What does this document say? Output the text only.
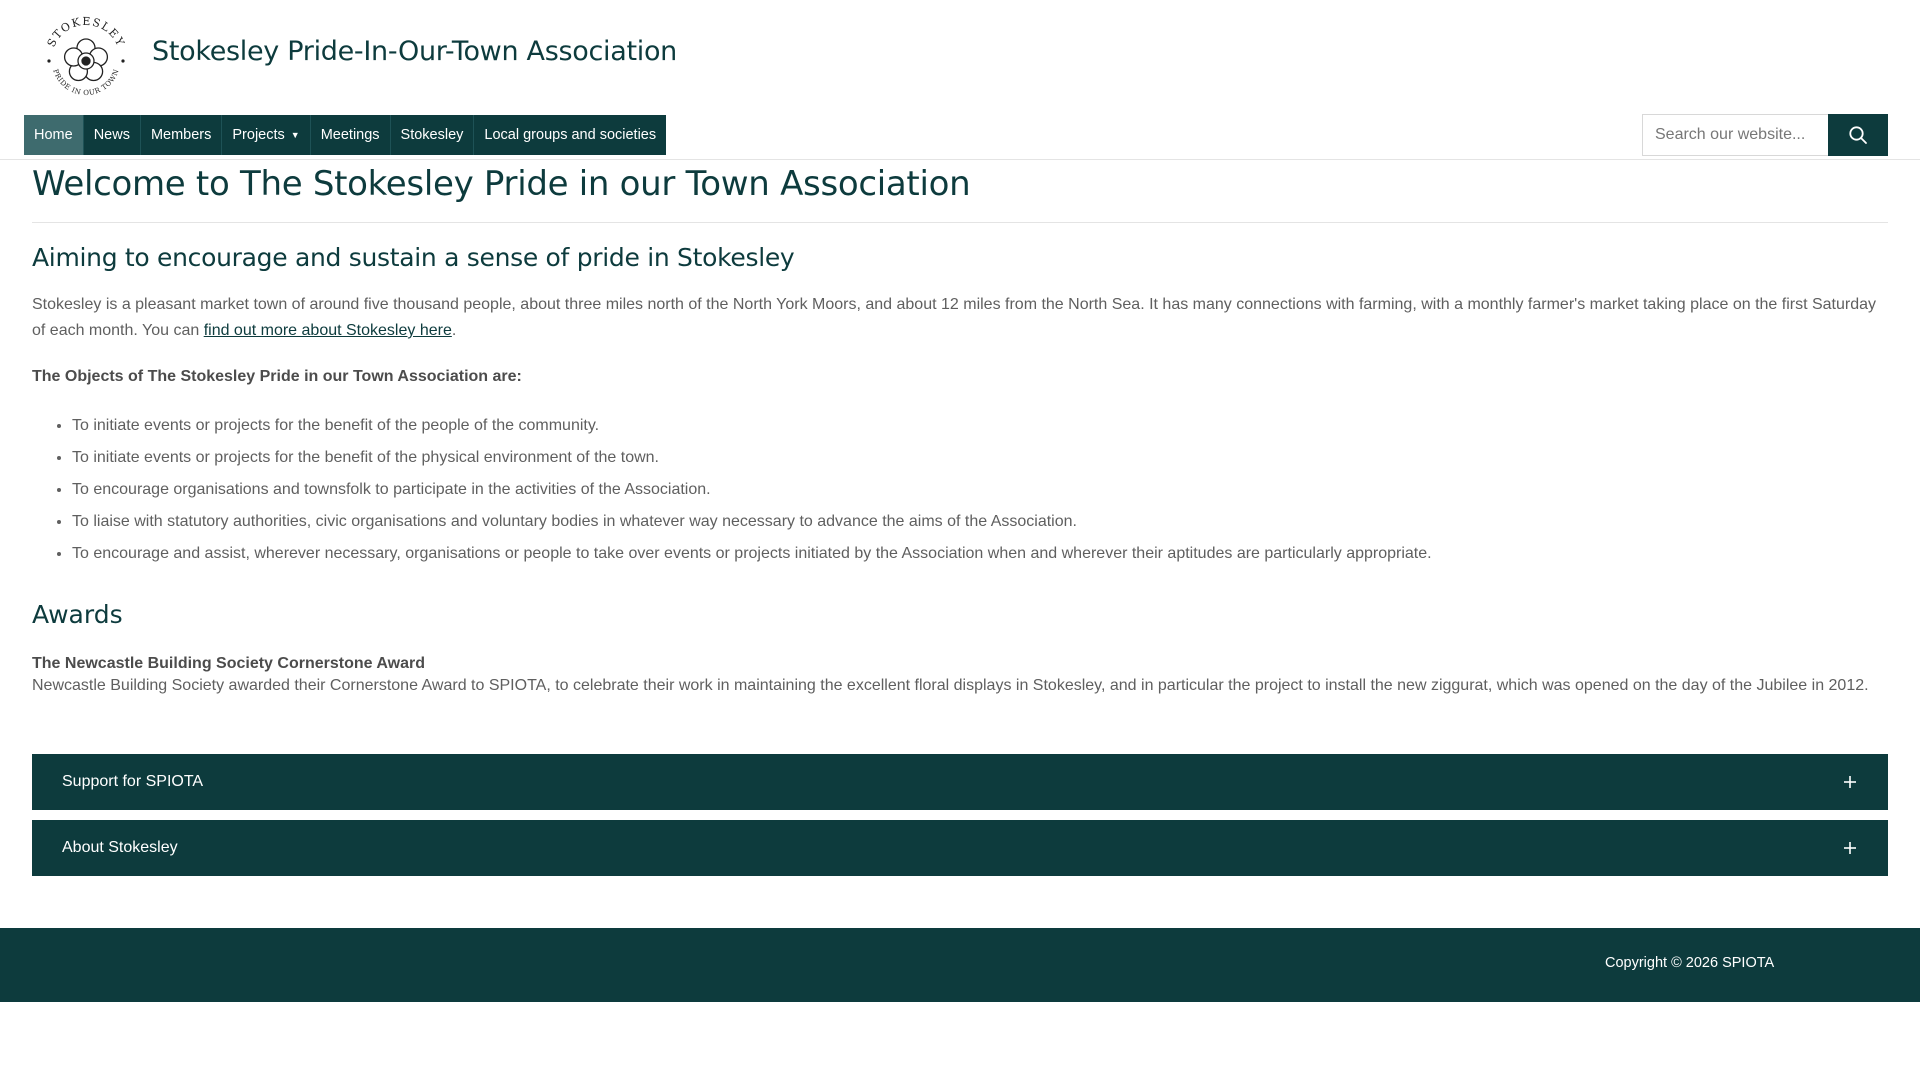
STOKESLEY
PRIDE IN OUR TOWN
Stokesley Pride-In-Our-Town Association
Home	News	Members	Projects ▼	Meetings	Stokesley	Local groups and societies
Search our website...
Welcome to The Stokesley Pride in our Town Association
Aiming to encourage and sustain a sense of pride in Stokesley

Stokesley is a pleasant market town of around five thousand people, about three miles north of the North York Moors, and about 12 miles from the North Sea. It has many connections with farming, with a monthly farmer's market taking place on the first Saturday of each month. You can find out more about Stokesley here.

The Objects of The Stokesley Pride in our Town Association are:

• To initiate events or projects for the benefit of the people of the community.
• To initiate events or projects for the benefit of the physical environment of the town.
• To encourage organisations and townsfolk to participate in the activities of the Association.
• To liaise with statutory authorities, civic organisations and voluntary bodies in whatever way necessary to advance the aims of the Association.
• To encourage and assist, wherever necessary, organisations or people to take over events or projects initiated by the Association when and wherever their aptitudes are particularly appropriate.
Awards

The Newcastle Building Society Cornerstone Award

Newcastle Building Society awarded their Cornerstone Award to SPIOTA, to celebrate their work in maintaining the excellent floral displays in Stokesley, and in particular the project to install the new ziggurat, which was opened on the day of the Jubilee in 2012.

Support for SPIOTA
About Stokesley
Copyright © 2026 SPIOTA
